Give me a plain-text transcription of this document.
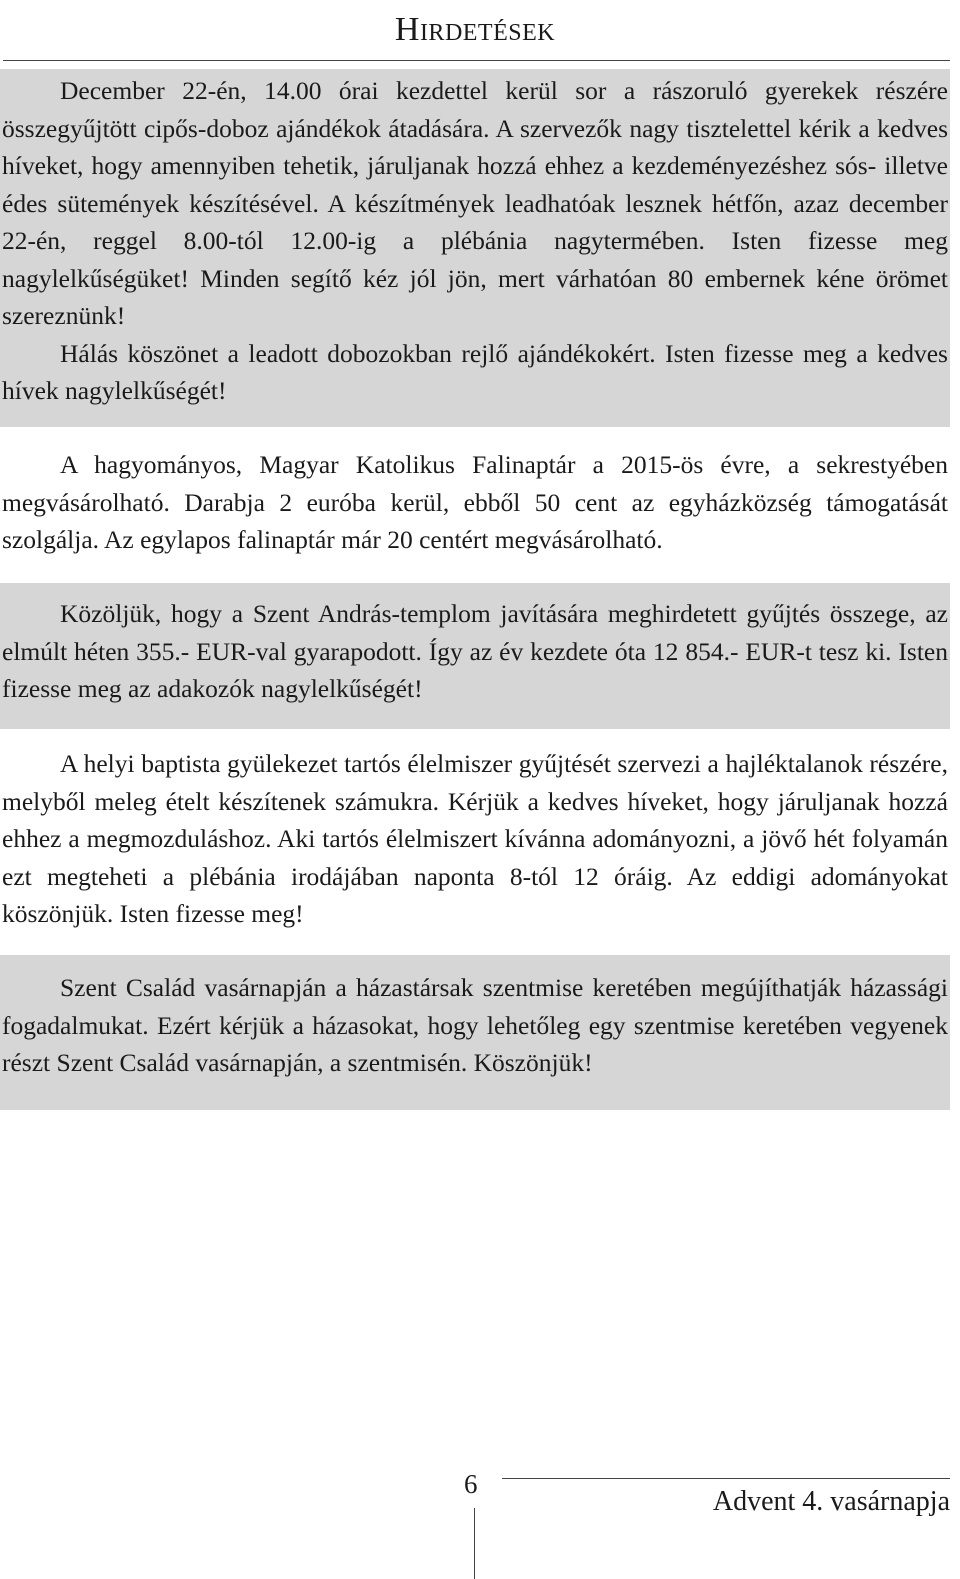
Hirdetések

December 22-én, 14.00 órai kezdettel kerül sor a rászoruló gyerekek részére összegyűjtött cipős-doboz ajándékok átadására. A szervezők nagy tisztelettel kérik a kedves híveket, hogy amennyiben tehetik, járuljanak hozzá ehhez a kezdeményezéshez sós- illetve édes sütemények készítésével. A készítmények leadhatóak lesznek hétfőn, azaz december 22-én, reggel 8.00-tól 12.00-ig a plébánia nagytermében. Isten fizesse meg nagylelkűségüket! Minden segítő kéz jól jön, mert várhatóan 80 embernek kéne örömet szereznünk!

Hálás köszönet a leadott dobozokban rejlő ajándékokért. Isten fizesse meg a kedves hívek nagylelkűségét!

A hagyományos, Magyar Katolikus Falinaptár a 2015-ös évre, a sekrestyében megvásárolható. Darabja 2 euróba kerül, ebből 50 cent az egyházközség támogatását szolgálja. Az egylapos falinaptár már 20 centért megvásárolható.

Közöljük, hogy a Szent András-templom javítására meghirdetett gyűjtés összege, az elmúlt héten 355.- EUR-val gyarapodott. Így az év kezdete óta 12 854.- EUR-t tesz ki. Isten fizesse meg az adakozók nagylelkűségét!

A helyi baptista gyülekezet tartós élelmiszer gyűjtését szervezi a hajléktalanok részére, melyből meleg ételt készítenek számukra. Kérjük a kedves híveket, hogy járuljanak hozzá ehhez a megmozduláshoz. Aki tartós élelmiszert kívánna adományozni, a jövő hét folyamán ezt megteheti a plébánia irodájában naponta 8-tól 12 óráig. Az eddigi adományokat köszönjük. Isten fizesse meg!

Szent Család vasárnapján a házastársak szentmise keretében megújíthatják házassági fogadalmukat. Ezért kérjük a házasokat, hogy lehetőleg egy szentmise keretében vegyenek részt Szent Család vasárnapján, a szentmisén. Köszönjük!

6
Advent 4. vasárnapja
